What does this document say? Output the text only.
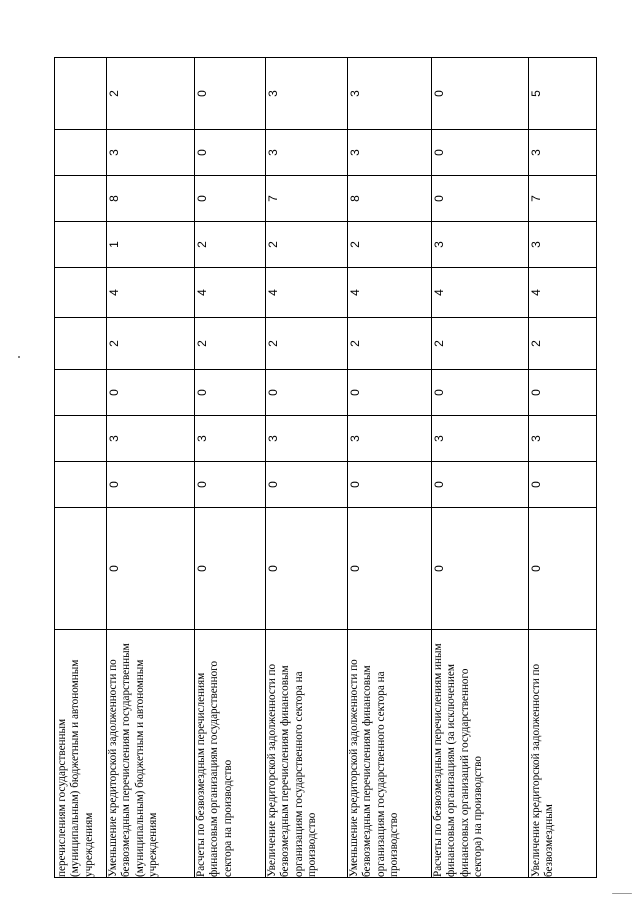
перечислениям государственным (муниципальным) бюджетным и автономным учреждениям										
Уменьшение кредиторской задолженности по безвозмездным перечислениям государственным (муниципальным) бюджетным и автономным учреждениям	0	0	3	0	2	4	1	8	3	2
Расчеты по безвозмездным перечислениям финансовым организациям государственного сектора на производство	0	0	3	0	2	4	2	0	0	0
Увеличение кредиторской задолженности по безвозмездным перечислениям финансовым организациям государственного сектора на производство	0	0	3	0	2	4	2	7	3	3
Уменьшение кредиторской задолженности по безвозмездным перечислениям финансовым организациям государственного сектора на производство	0	0	3	0	2	4	2	8	3	3
Расчеты по безвозмездным перечислениям иным финансовым организациям (за исключением финансовых организаций государственного сектора) на производство	0	0	3	0	2	4	3	0	0	0
Увеличение кредиторской задолженности по безвозмездным	0	0	3	0	2	4	3	7	3	5
